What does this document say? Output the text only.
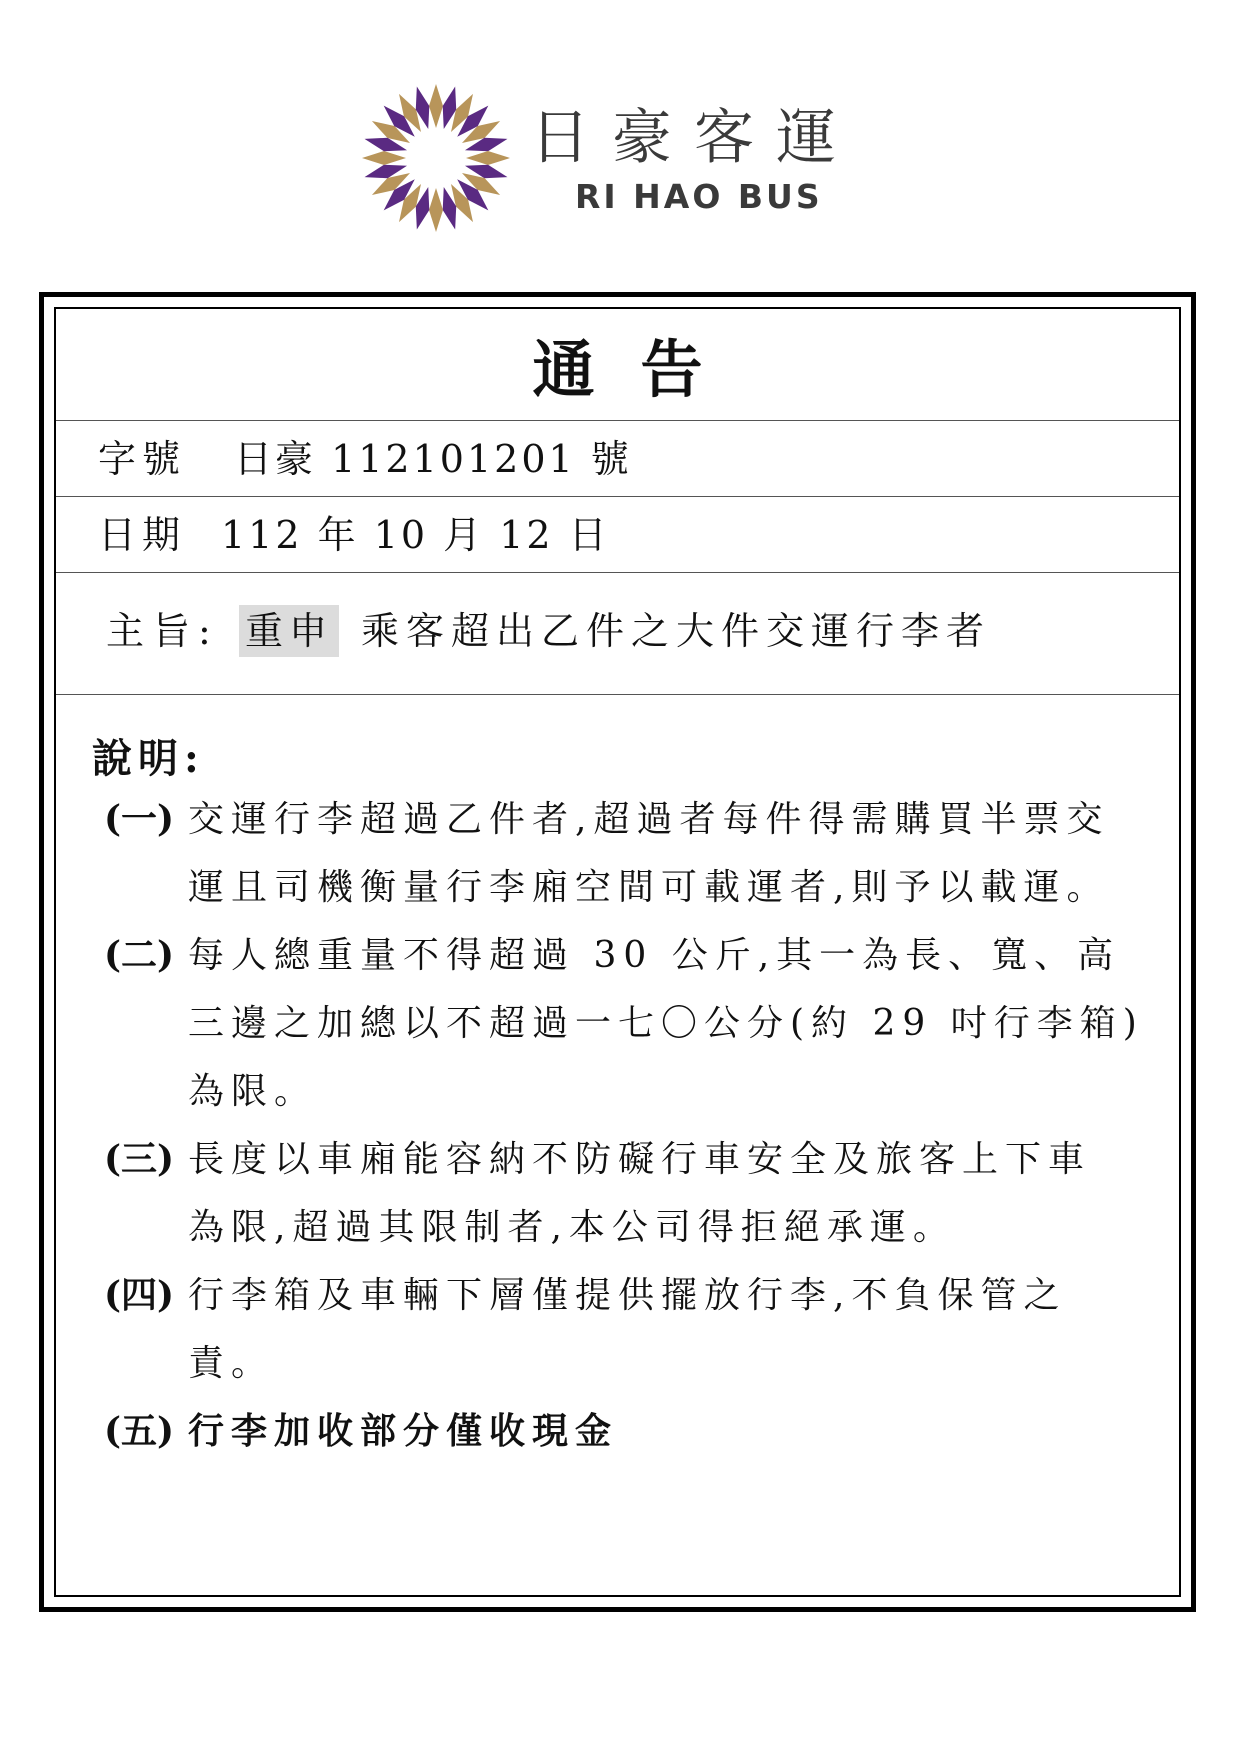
日豪客運
RI HAO BUS
通告
字號 日豪 112101201 號
日期 112 年 10 月 12 日
主旨: 重申 乘客超出乙件之大件交運行李者
說明:
(一) 交運行李超過乙件者,超過者每件得需購買半票交
運且司機衡量行李廂空間可載運者,則予以載運。
(二) 每人總重量不得超過 30 公斤,其一為長、寬、高
三邊之加總以不超過一七〇公分(約 29 吋行李箱)
為限。
(三) 長度以車廂能容納不防礙行車安全及旅客上下車
為限,超過其限制者,本公司得拒絕承運。
(四) 行李箱及車輛下層僅提供擺放行李,不負保管之
責。
(五) 行李加收部分僅收現金
